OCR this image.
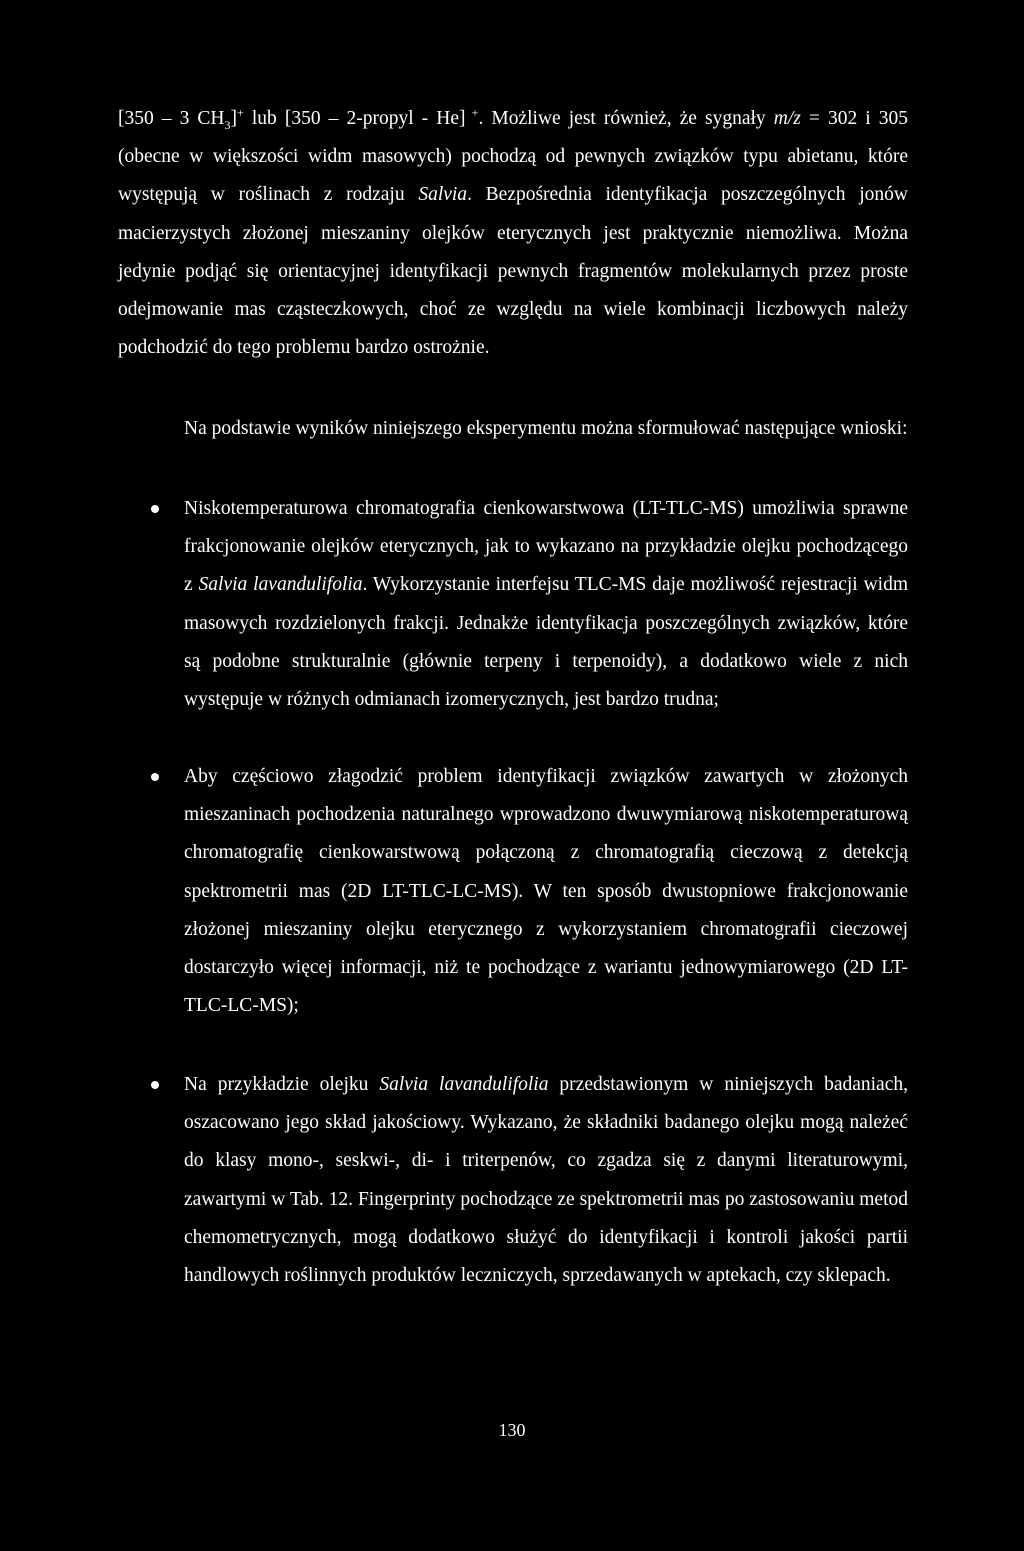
[350 – 3 $CH_3]^+$ lub [350 – 2-propyl - He] +. Możliwe jest również, że sygnały m/z = 302 i 305 (obecne w większości widm masowych) pochodzą od pewnych związków typu abietanu, które występują w roślinach z rodzaju Salvia. Bezpośrednia identyfikacja poszczególnych jonów macierzystych złożonej mieszaniny olejków eterycznych jest praktycznie niemożliwa. Można jedynie podjąć się orientacyjnej identyfikacji pewnych fragmentów molekularnych przez proste odejmowanie mas cząsteczkowych, choć ze względu na wiele kombinacji liczbowych należy podchodzić do tego problemu bardzo ostrożnie.

Na podstawie wyników niniejszego eksperymentu można sformułować następujące wnioski:

Niskotemperaturowa chromatografia cienkowarstwowa (LT-TLC-MS) umożliwia sprawne frakcjonowanie olejków eterycznych, jak to wykazano na przykładzie olejku pochodzącego z Salvia lavandulifolia. Wykorzystanie interfejsu TLC-MS daje możliwość rejestracji widm masowych rozdzielonych frakcji. Jednakże identyfikacja poszczególnych związków, które są podobne strukturalnie (głównie terpeny i terpenoidy), a dodatkowo wiele z nich występuje w różnych odmianach izomerycznych, jest bardzo trudna;

Aby częściowo złagodzić problem identyfikacji związków zawartych w złożonych mieszaninach pochodzenia naturalnego wprowadzono dwuwymiarową niskotemperaturową chromatografię cienkowarstwową połączoną z chromatografią cieczową z detekcją spektrometrii mas (2D LT-TLC-LC-MS). W ten sposób dwustopniowe frakcjonowanie złożonej mieszaniny olejku eterycznego z wykorzystaniem chromatografii cieczowej dostarczyło więcej informacji, niż te pochodzące z wariantu jednowymiarowego (2D LT-TLC-LC-MS);

Na przykładzie olejku Salvia lavandulifolia przedstawionym w niniejszych badaniach, oszacowano jego skład jakościowy. Wykazano, że składniki badanego olejku mogą należeć do klasy mono-, seskwi-, di- i triterpenów, co zgadza się z danymi literaturowymi, zawartymi w Tab. 12. Fingerprinty pochodzące ze spektrometrii mas po zastosowaniu metod chemometrycznych, mogą dodatkowo służyć do identyfikacji i kontroli jakości partii handlowych roślinnych produktów leczniczych, sprzedawanych w aptekach, czy sklepach.

130
